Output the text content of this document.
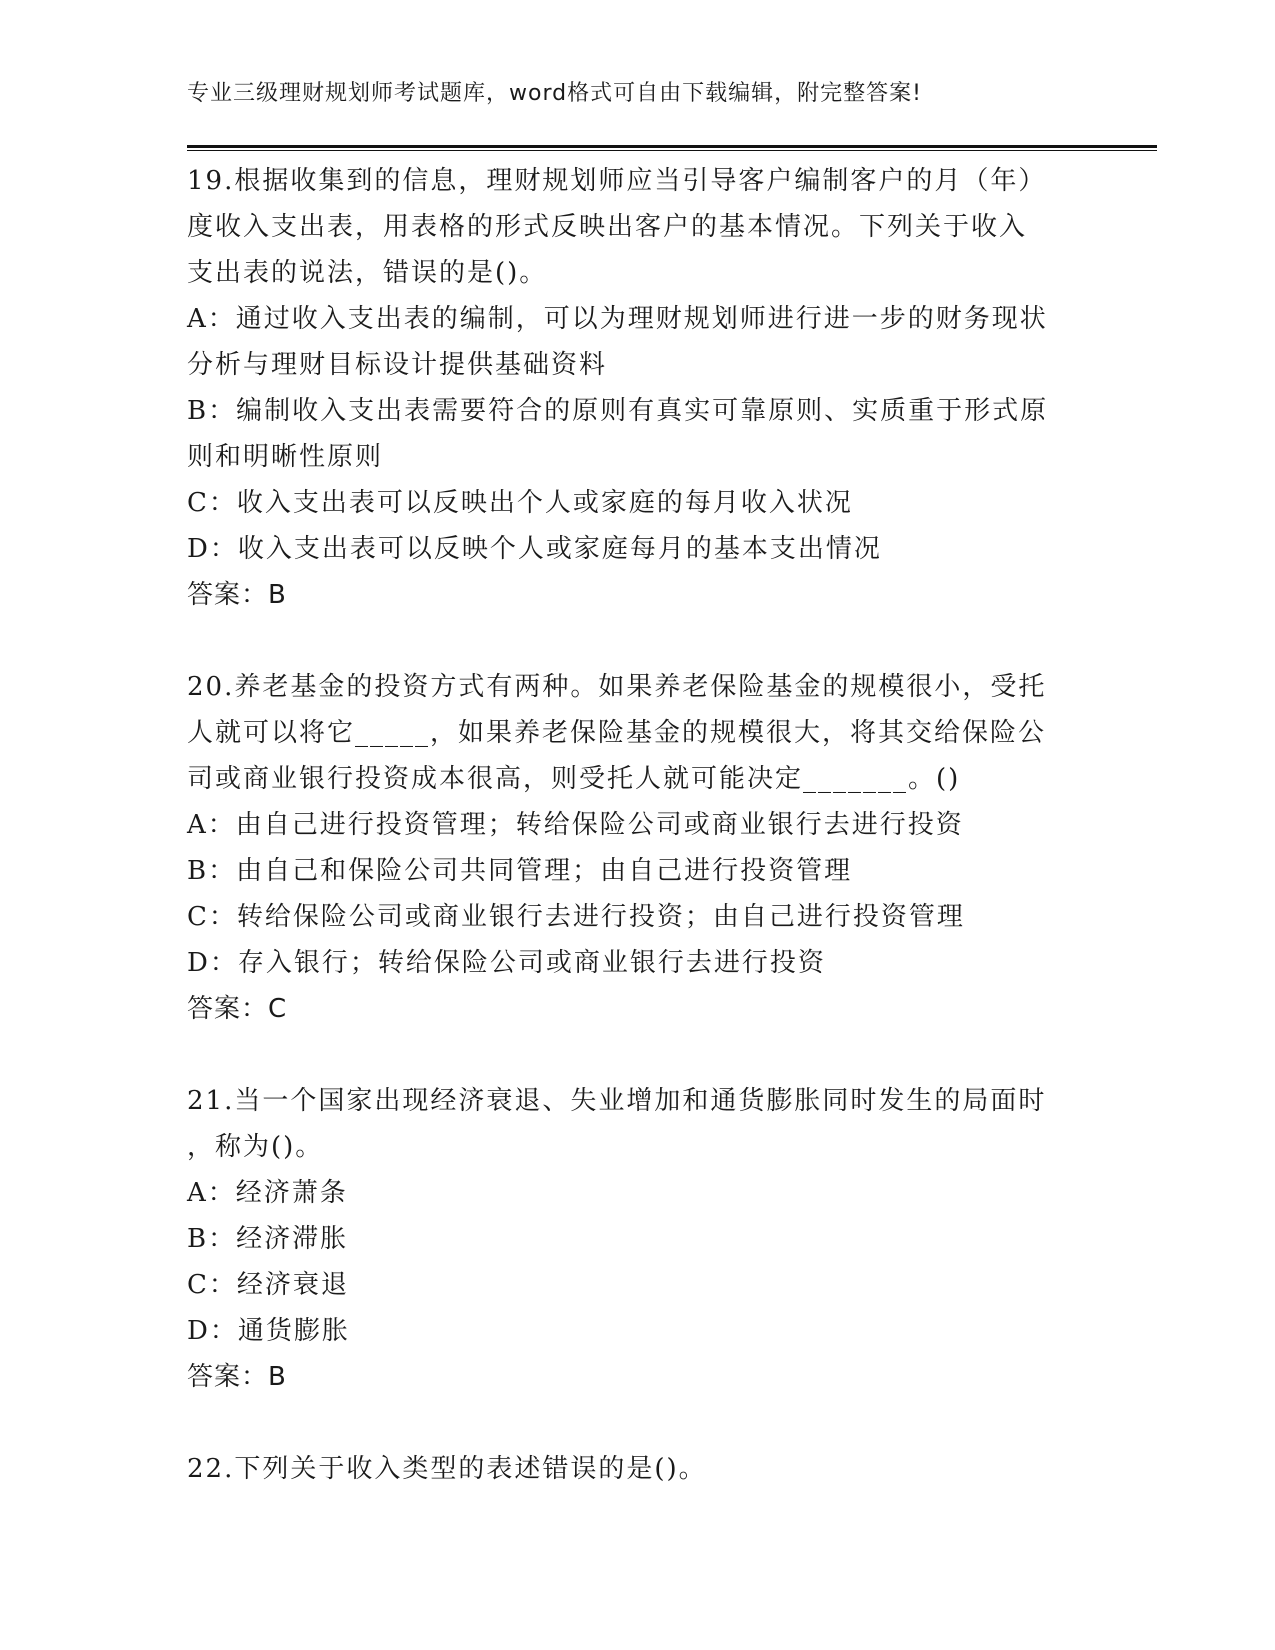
专业三级理财规划师考试题库，word格式可自由下载编辑，附完整答案!
19.根据收集到的信息，理财规划师应当引导客户编制客户的月（年）
度收入支出表，用表格的形式反映出客户的基本情况。下列关于收入
支出表的说法，错误的是()。
A：通过收入支出表的编制，可以为理财规划师进行进一步的财务现状
分析与理财目标设计提供基础资料
B：编制收入支出表需要符合的原则有真实可靠原则、实质重于形式原
则和明晰性原则
C：收入支出表可以反映出个人或家庭的每月收入状况
D：收入支出表可以反映个人或家庭每月的基本支出情况
答案：B
20.养老基金的投资方式有两种。如果养老保险基金的规模很小，受托
人就可以将它_____，如果养老保险基金的规模很大，将其交给保险公
司或商业银行投资成本很高，则受托人就可能决定_______。()
A：由自己进行投资管理；转给保险公司或商业银行去进行投资
B：由自己和保险公司共同管理；由自己进行投资管理
C：转给保险公司或商业银行去进行投资；由自己进行投资管理
D：存入银行；转给保险公司或商业银行去进行投资
答案：C
21.当一个国家出现经济衰退、失业增加和通货膨胀同时发生的局面时
，称为()。
A：经济萧条
B：经济滞胀
C：经济衰退
D：通货膨胀
答案：B
22.下列关于收入类型的表述错误的是()。
